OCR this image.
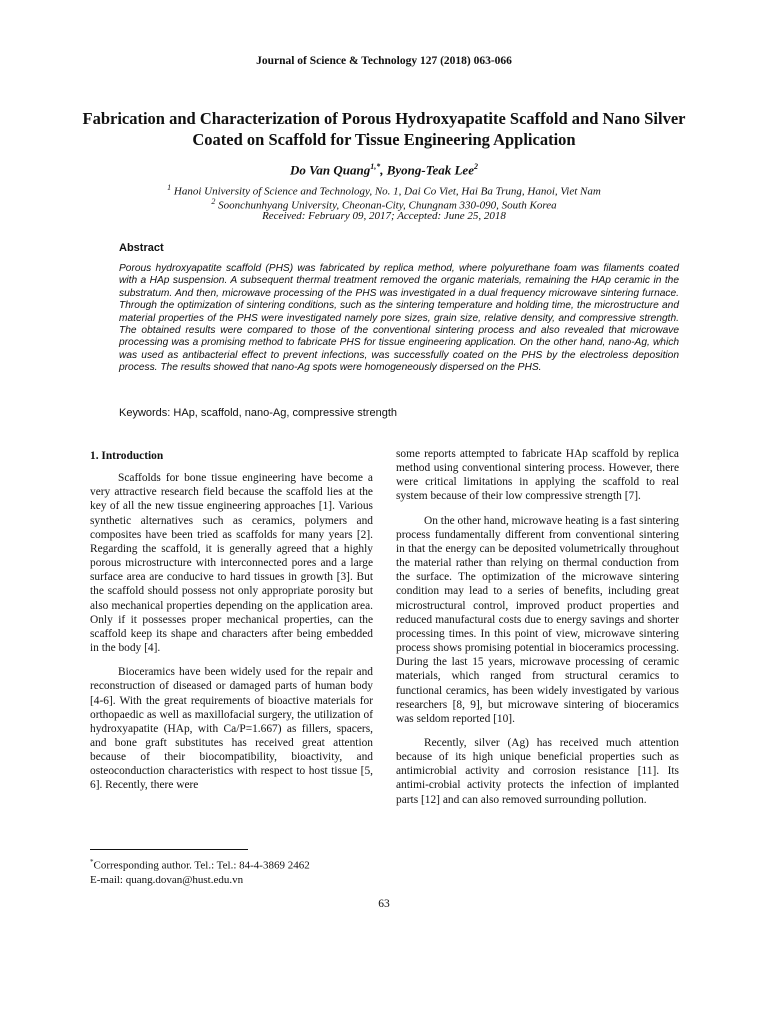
Journal of Science & Technology 127 (2018) 063-066
Fabrication and Characterization of Porous Hydroxyapatite Scaffold and Nano Silver Coated on Scaffold for Tissue Engineering Application
Do Van Quang$^{1,*}$, Byong-Teak Lee$^2$
$^1$ Hanoi University of Science and Technology, No. 1, Dai Co Viet, Hai Ba Trung, Hanoi, Viet Nam
$^2$ Soonchunhyang University, Cheonan-City, Chungnam 330-090, South Korea
Received: February 09, 2017; Accepted: June 25, 2018
Abstract
Porous hydroxyapatite scaffold (PHS) was fabricated by replica method, where polyurethane foam was filaments coated with a HAp suspension. A subsequent thermal treatment removed the organic materials, remaining the HAp ceramic in the substratum. And then, microwave processing of the PHS was investigated in a dual frequency microwave sintering furnace. Through the optimization of sintering conditions, such as the sintering temperature and holding time, the microstructure and material properties of the PHS were investigated namely pore sizes, grain size, relative density, and compressive strength. The obtained results were compared to those of the conventional sintering process and also revealed that microwave processing was a promising method to fabricate PHS for tissue engineering application. On the other hand, nano-Ag, which was used as antibacterial effect to prevent infections, was successfully coated on the PHS by the electroless deposition process. The results showed that nano-Ag spots were homogeneously dispersed on the PHS.
Keywords: HAp, scaffold, nano-Ag, compressive strength
1. Introduction

Scaffolds for bone tissue engineering have become a very attractive research field because the scaffold lies at the key of all the new tissue engineering approaches [1]. Various synthetic alternatives such as ceramics, polymers and composites have been tried as scaffolds for many years [2]. Regarding the scaffold, it is generally agreed that a highly porous microstructure with interconnected pores and a large surface area are conducive to hard tissues in growth [3]. But the scaffold should possess not only appropriate porosity but also mechanical properties depending on the application area. Only if it possesses proper mechanical properties, can the scaffold keep its shape and characters after being embedded in the body [4].

Bioceramics have been widely used for the repair and reconstruction of diseased or damaged parts of human body [4-6]. With the great requirements of bioactive materials for orthopaedic as well as maxillofacial surgery, the utilization of hydroxyapatite (HAp, with Ca/P=1.667) as fillers, spacers, and bone graft substitutes has received great attention because of their biocompatibility, bioactivity, and osteoconduction characteristics with respect to host tissue [5, 6]. Recently, there were

some reports attempted to fabricate HAp scaffold by replica method using conventional sintering process. However, there were critical limitations in applying the scaffold to real system because of their low compressive strength [7].

On the other hand, microwave heating is a fast sintering process fundamentally different from conventional sintering in that the energy can be deposited volumetrically throughout the material rather than relying on thermal conduction from the surface. The optimization of the microwave sintering condition may lead to a series of benefits, including great microstructural control, improved product properties and reduced manufactural costs due to energy savings and shorter processing times. In this point of view, microwave sintering process shows promising potential in bioceramics processing. During the last 15 years, microwave processing of ceramic materials, which ranged from structural ceramics to functional ceramics, has been widely investigated by various researchers [8, 9], but microwave sintering of bioceramics was seldom reported [10].

Recently, silver (Ag) has received much attention because of its high unique beneficial properties such as antimicrobial activity and corrosion resistance [11]. Its antimi-crobial activity protects the infection of implanted parts [12] and can also removed surrounding pollution.

*Corresponding author. Tel.: Tel.: 84-4-3869 2462
E-mail: quang.dovan@hust.edu.vn
63
